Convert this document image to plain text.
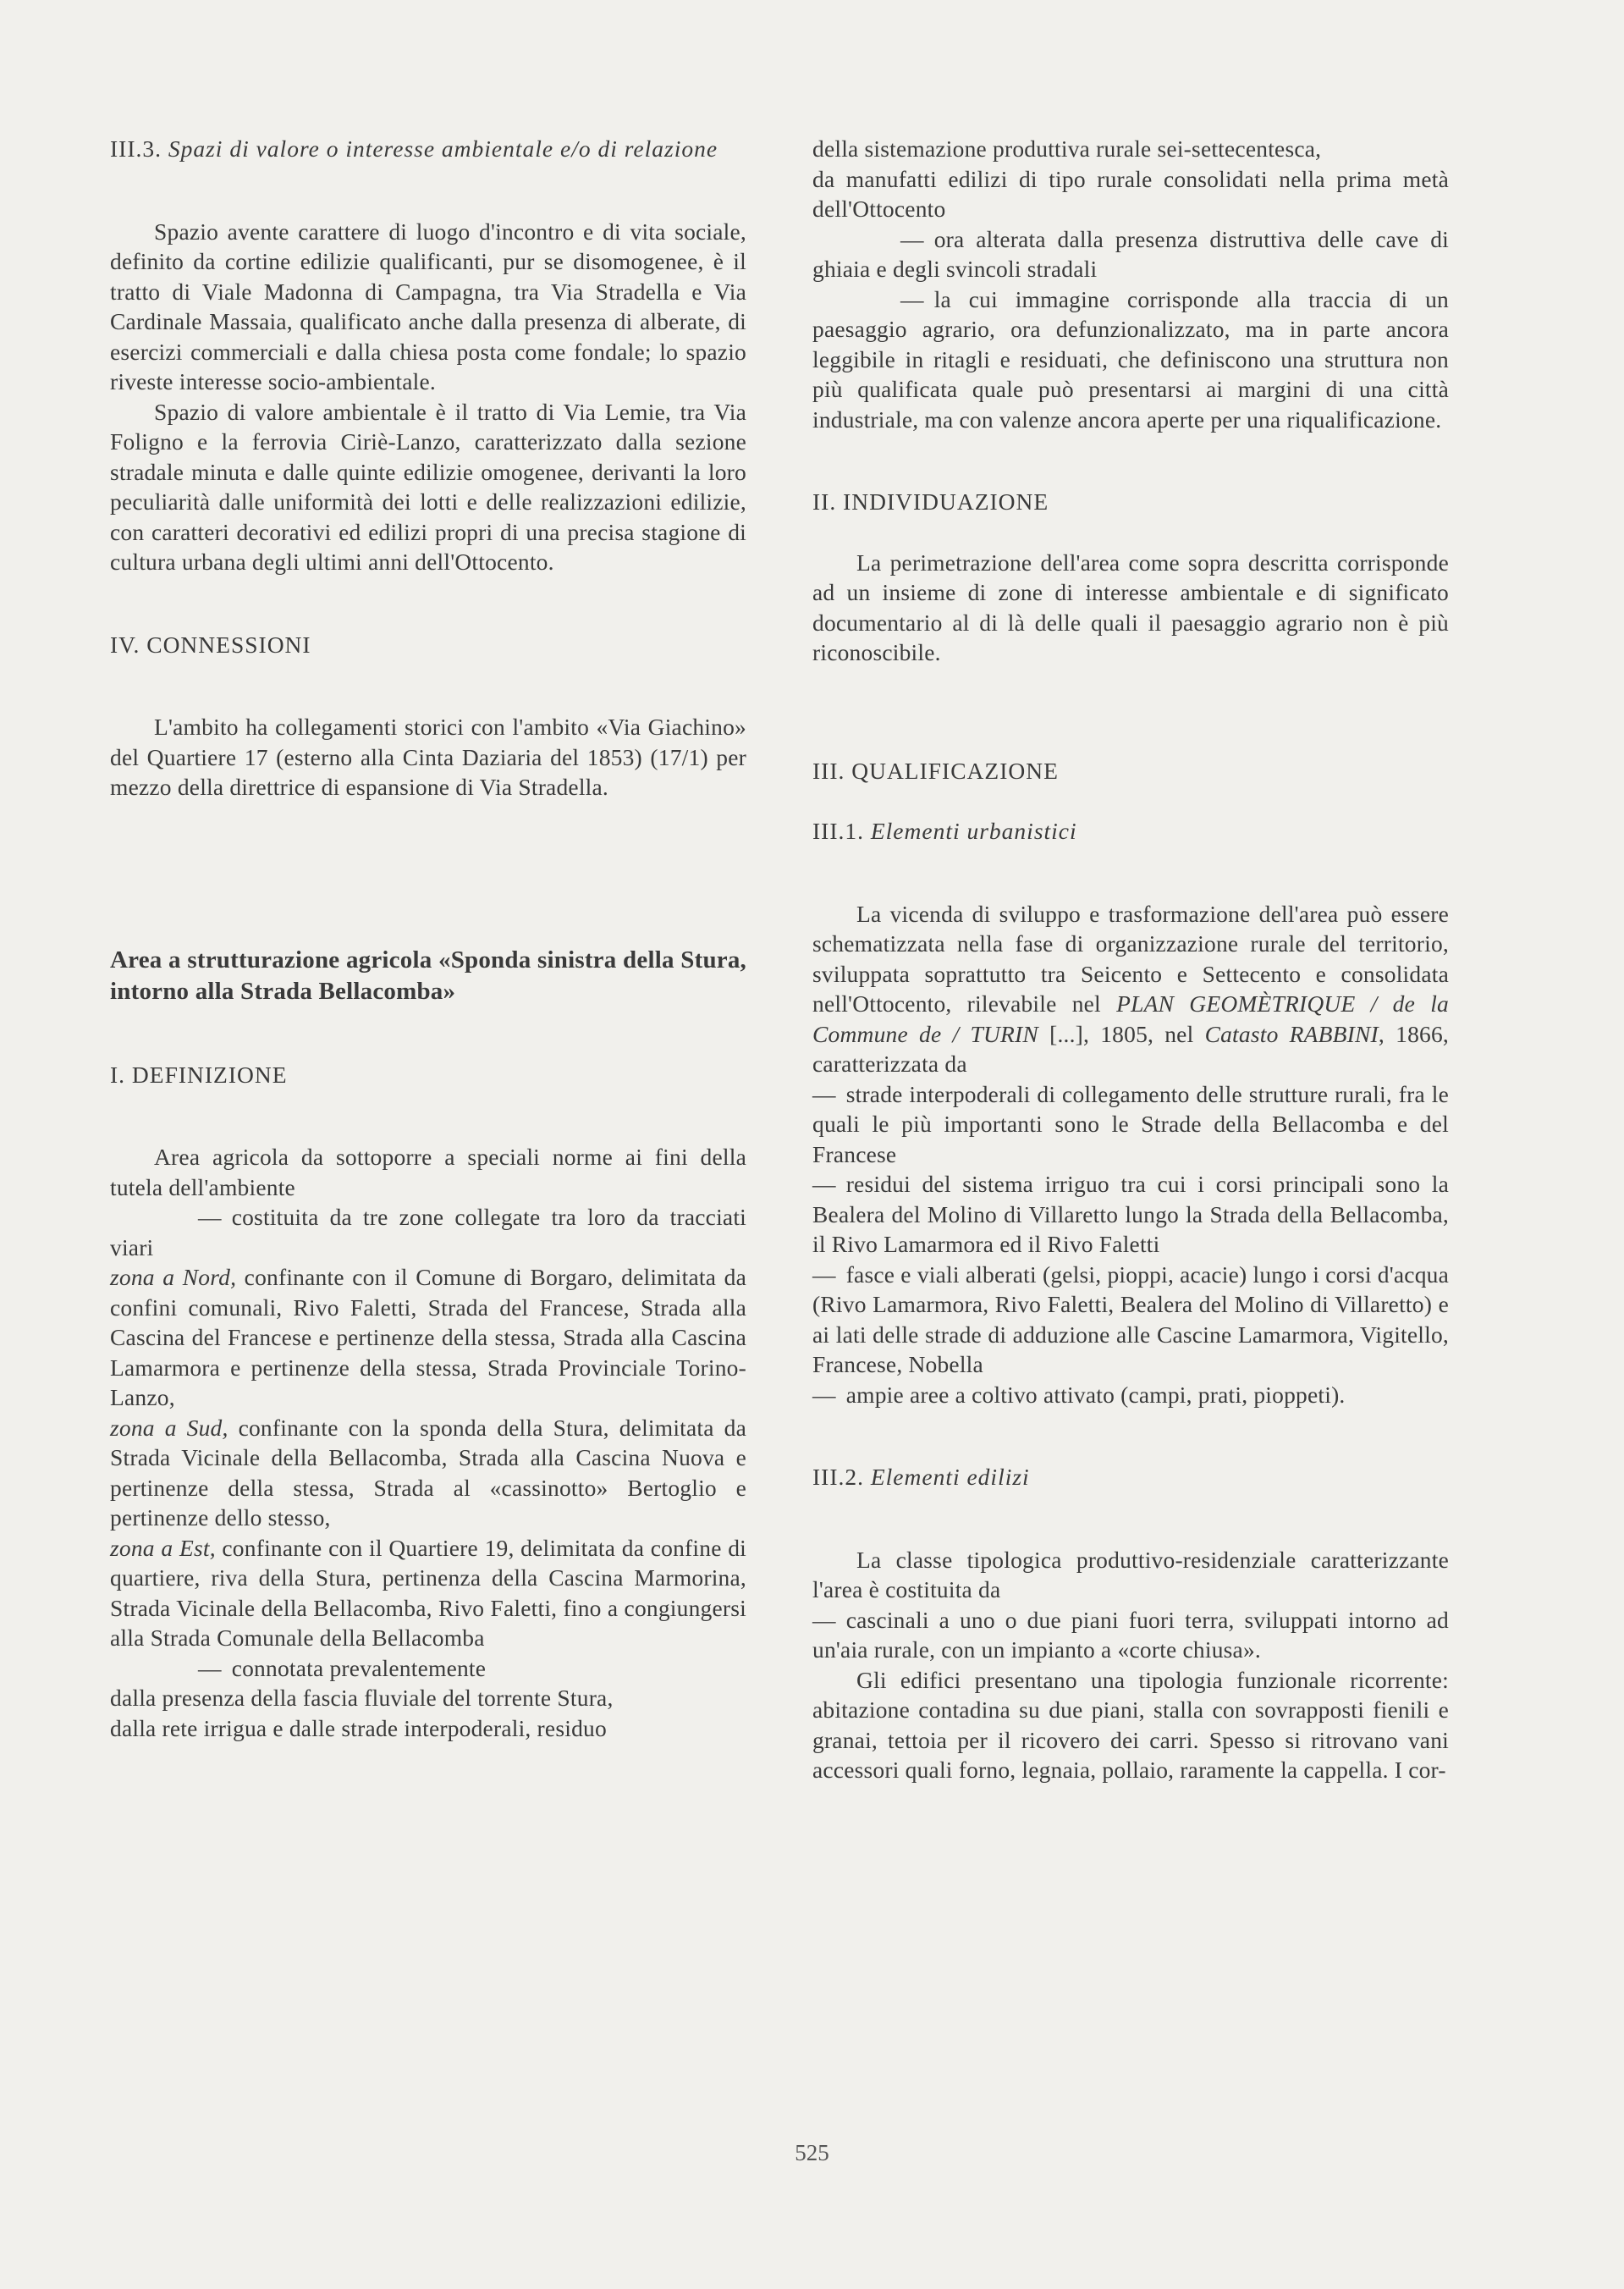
III.3. Spazi di valore o interesse ambientale e/o di relazione

Spazio avente carattere di luogo d'incontro e di vita sociale, definito da cortine edilizie qualificanti, pur se disomogenee, è il tratto di Viale Madonna di Campagna, tra Via Stradella e Via Cardinale Massaia, qualificato anche dalla presenza di alberate, di esercizi commerciali e dalla chiesa posta come fondale; lo spazio riveste interesse socio-ambientale.

Spazio di valore ambientale è il tratto di Via Lemie, tra Via Foligno e la ferrovia Ciriè-Lanzo, caratterizzato dalla sezione stradale minuta e dalle quinte edilizie omogenee, derivanti la loro peculiarità dalle uniformità dei lotti e delle realizzazioni edilizie, con caratteri decorativi ed edilizi propri di una precisa stagione di cultura urbana degli ultimi anni dell'Ottocento.

IV. CONNESSIONI

L'ambito ha collegamenti storici con l'ambito «Via Giachino» del Quartiere 17 (esterno alla Cinta Daziaria del 1853) (17/1) per mezzo della direttrice di espansione di Via Stradella.

Area a strutturazione agricola «Sponda sinistra della Stura, intorno alla Strada Bellacomba»

I. DEFINIZIONE

Area agricola da sottoporre a speciali norme ai fini della tutela dell'ambiente

— costituita da tre zone collegate tra loro da tracciati viari

zona a Nord, confinante con il Comune di Borgaro, delimitata da confini comunali, Rivo Faletti, Strada del Francese, Strada alla Cascina del Francese e pertinenze della stessa, Strada alla Cascina Lamarmora e pertinenze della stessa, Strada Provinciale Torino-Lanzo,

zona a Sud, confinante con la sponda della Stura, delimitata da Strada Vicinale della Bellacomba, Strada alla Cascina Nuova e pertinenze della stessa, Strada al «cassinotto» Bertoglio e pertinenze dello stesso,

zona a Est, confinante con il Quartiere 19, delimitata da confine di quartiere, riva della Stura, pertinenza della Cascina Marmorina, Strada Vicinale della Bellacomba, Rivo Faletti, fino a congiungersi alla Strada Comunale della Bellacomba

— connotata prevalentemente

dalla presenza della fascia fluviale del torrente Stura,

dalla rete irrigua e dalle strade interpoderali, residuo

della sistemazione produttiva rurale sei-settecentesca,

da manufatti edilizi di tipo rurale consolidati nella prima metà dell'Ottocento

— ora alterata dalla presenza distruttiva delle cave di ghiaia e degli svincoli stradali

— la cui immagine corrisponde alla traccia di un paesaggio agrario, ora defunzionalizzato, ma in parte ancora leggibile in ritagli e residuati, che definiscono una struttura non più qualificata quale può presentarsi ai margini di una città industriale, ma con valenze ancora aperte per una riqualificazione.

II. INDIVIDUAZIONE

La perimetrazione dell'area come sopra descritta corrisponde ad un insieme di zone di interesse ambientale e di significato documentario al di là delle quali il paesaggio agrario non è più riconoscibile.

III. QUALIFICAZIONE
III.1. Elementi urbanistici

La vicenda di sviluppo e trasformazione dell'area può essere schematizzata nella fase di organizzazione rurale del territorio, sviluppata soprattutto tra Seicento e Settecento e consolidata nell'Ottocento, rilevabile nel PLAN GEOMÈTRIQUE / de la Commune de / TURIN [...], 1805, nel Catasto RABBINI, 1866, caratterizzata da

— strade interpoderali di collegamento delle strutture rurali, fra le quali le più importanti sono le Strade della Bellacomba e del Francese

— residui del sistema irriguo tra cui i corsi principali sono la Bealera del Molino di Villaretto lungo la Strada della Bellacomba, il Rivo Lamarmora ed il Rivo Faletti

— fasce e viali alberati (gelsi, pioppi, acacie) lungo i corsi d'acqua (Rivo Lamarmora, Rivo Faletti, Bealera del Molino di Villaretto) e ai lati delle strade di adduzione alle Cascine Lamarmora, Vigitello, Francese, Nobella

— ampie aree a coltivo attivato (campi, prati, pioppeti).

III.2. Elementi edilizi

La classe tipologica produttivo-residenziale caratterizzante l'area è costituita da

— cascinali a uno o due piani fuori terra, sviluppati intorno ad un'aia rurale, con un impianto a «corte chiusa».

Gli edifici presentano una tipologia funzionale ricorrente: abitazione contadina su due piani, stalla con sovrapposti fienili e granai, tettoia per il ricovero dei carri. Spesso si ritrovano vani accessori quali forno, legnaia, pollaio, raramente la cappella. I cor-

525
